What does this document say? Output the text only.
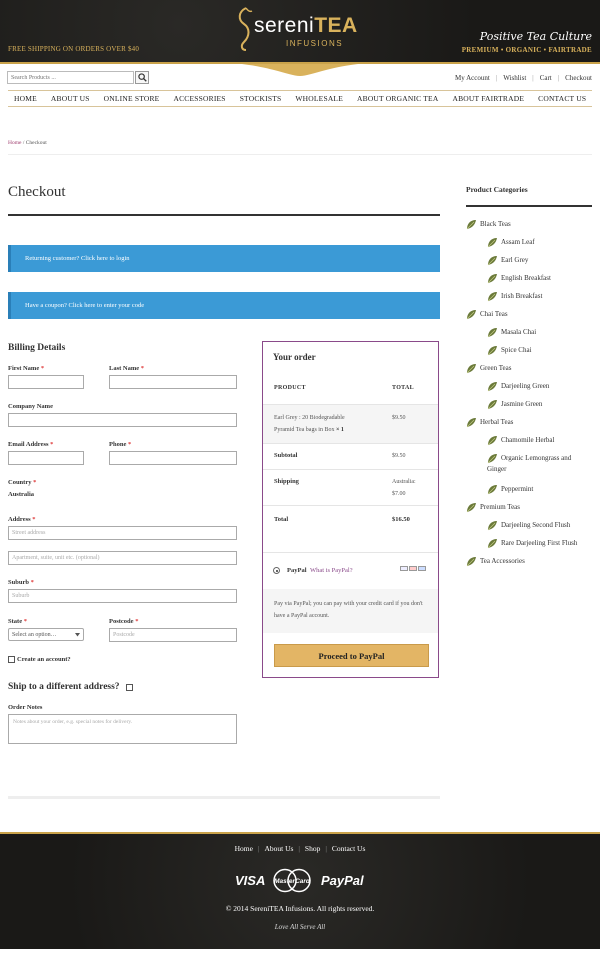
FREE SHIPPING ON ORDERS OVER $40
sereniTEA
INFUSIONS
Positive Tea Culture
PREMIUM • ORGANIC • FAIRTRADE
Search Products ...
My Account | Wishlist | Cart | Checkout
HOME ABOUT US ONLINE STORE ACCESSORIES STOCKISTS WHOLESALE ABOUT ORGANIC TEA ABOUT FAIRTRADE CONTACT US
Home / Checkout
Checkout
Returning customer? Click here to login
Have a coupon? Click here to enter your code
Billing Details
First Name *	Last Name *
Company Name
Email Address *	Phone *
Country *
Australia
Address *
Street address
Apartment, suite, unit etc. (optional)
Suburb *
Suburb
State *
Select an option…
Postcode *
Postcode
Create an account?
Ship to a different address?
Order Notes
Notes about your order, e.g. special notes for delivery.
Your order
PRODUCT	TOTAL
Earl Grey : 20 Biodegradable
Pyramid Tea bags in Box × 1
$9.50
Subtotal	$9.50
Shipping	Australia:
$7.00
Total	$16.50
PayPal What is PayPal?
Pay via PayPal; you can pay with your credit card if you don't have a PayPal account.
Proceed to PayPal
Product Categories
Black Teas
Assam Leaf
Earl Grey
English Breakfast
Irish Breakfast
Chai Teas
Masala Chai
Spice Chai
Green Teas
Darjeeling Green
Jasmine Green
Herbal Teas
Chamomile Herbal
Organic Lemongrass and
Ginger
Peppermint
Premium Teas
Darjeeling Second Flush
Rare Darjeeling First Flush
Tea Accessories
Home | About Us | Shop | Contact Us
VISA MasterCard PayPal
© 2014 SereniTEA Infusions. All rights reserved.
Love All Serve All
